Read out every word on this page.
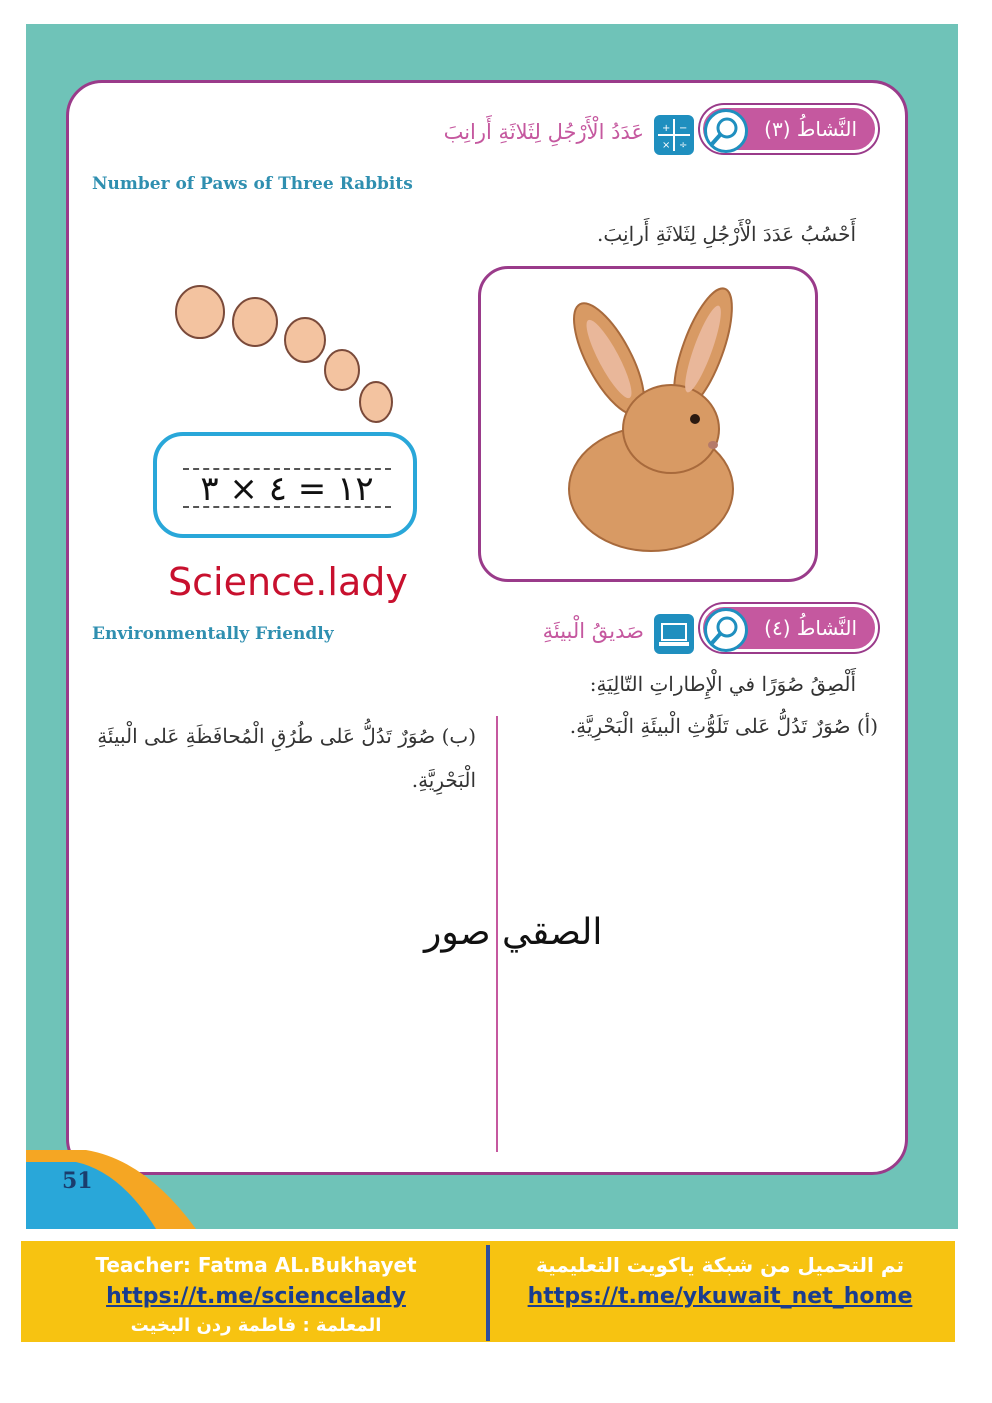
النَّشاطُ (٣)
+ −
× ÷
عَدَدُ الْأَرْجُلِ لِثَلاثَةِ أَرانِبَ
Number of Paws of Three Rabbits
أَحْسُبُ عَدَدَ الْأَرْجُلِ لِثَلاثَةِ أَرانِبَ.
١٢ = ٤ × ٣
Science.lady
النَّشاطُ (٤)
صَديقُ الْبيئَةِ
Environmentally Friendly
أَلْصِقُ صُوَرًا في الْإِطاراتِ التّالِيَةِ:
(أ) صُوَرٌ تَدُلُّ عَلى تَلَوُّثِ الْبيئَةِ الْبَحْرِيَّةِ.
(ب) صُوَرٌ تَدُلُّ عَلى طُرُقِ الْمُحافَظَةِ عَلى الْبيئَةِ الْبَحْرِيَّةِ.
الصقي صور
51
Teacher: Fatma AL.Bukhayet
https://t.me/sciencelady
المعلمة : فاطمة ردن البخيت
تم التحميل من شبكة ياكويت التعليمية
https://t.me/ykuwait_net_home
